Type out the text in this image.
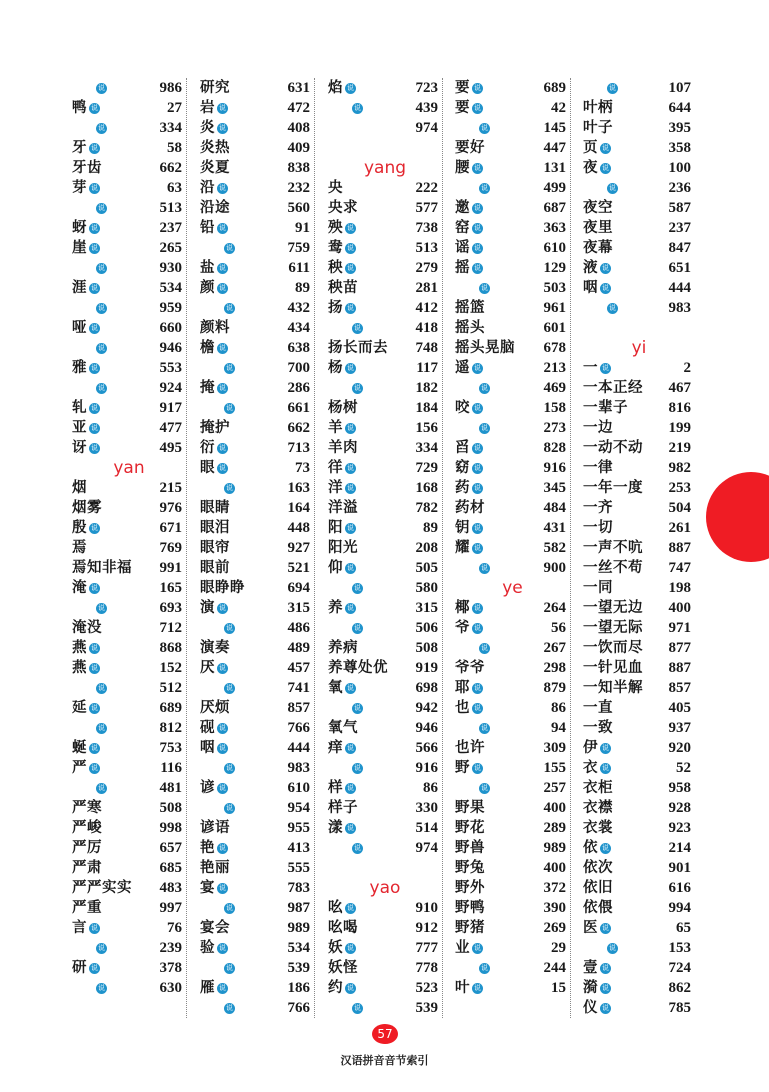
说	986
鸭 说	27
说	334
牙 说	58
牙齿	662
芽 说	63
说	513
蚜 说	237
崖 说	265
说	930
涯 说	534
说	959
哑 说	660
说	946
雅 说	553
说	924
轧 说	917
亚 说	477
讶 说	495
yan
烟	215
烟雾	976
殷 说	671
焉	769
焉知非福 991
淹 说	165
说	693
淹没	712
燕 说	868
燕 说	152
说	512
延 说	689
说	812
蜒 说	753
严 说	116
说	481
严寒	508
严峻	998
严厉	657
严肃	685
严严实实 483
严重	997
言 说	76
说	239
研 说	378
说	630
研究	631
岩 说	472
炎 说	408
炎热	409
炎夏	838
沿 说	232
沿途	560
铅 说	91
说	759
盐 说	611
颜 说	89
说	432
颜料	434
檐 说	638
说	700
掩 说	286
说	661
掩护	662
衍 说	713
眼 说	73
说	163
眼睛	164
眼泪	448
眼帘	927
眼前	521
眼睁睁	694
演 说	315
说	486
演奏	489
厌 说	457
说	741
厌烦	857
砚 说	766
咽 说	444
说	983
谚 说	610
说	954
谚语	955
艳 说	413
艳丽	555
宴 说	783
说	987
宴会	989
验 说	534
说	539
雁 说	186
说	766
焰 说	723
说	439
974
yang
央	222
央求	577
殃 说	738
鸯 说	513
秧 说	279
秧苗	281
扬 说	412
说	418
扬长而去 748
杨 说	117
说	182
杨树	184
羊 说	156
羊肉	334
徉 说	729
洋 说	168
洋溢	782
阳 说	89
阳光	208
仰 说	505
说	580
养 说	315
说	506
养病	508
养尊处优 919
氧 说	698
说	942
氧气	946
痒 说	566
说	916
样 说	86
样子	330
漾 说	514
说	974
yao
吆 说	910
吆喝	912
妖 说	777
妖怪	778
约 说	523
说	539
要 说	689
要 说	42
说	145
要好	447
腰 说	131
说	499
邀 说	687
窑 说	363
谣 说	610
摇 说	129
说	503
摇篮	961
摇头	601
摇头晃脑 678
遥 说	213
说	469
咬 说	158
说	273
舀 说	828
窈 说	916
药 说	345
药材	484
钥 说	431
耀 说	582
说	900
ye
椰 说	264
爷 说	56
说	267
爷爷	298
耶 说	879
也 说	86
说	94
也许	309
野 说	155
说	257
野果	400
野花	289
野兽	989
野兔	400
野外	372
野鸭	390
野猪	269
业 说	29
说	244
叶 说	15
说	107
叶柄	644
叶子	395
页 说	358
夜 说	100
说	236
夜空	587
夜里	237
夜幕	847
液 说	651
咽 说	444
说	983
yi
一 说	2
一本正经 467
一辈子	816
一边	199
一动不动 219
一律	982
一年一度 253
一齐	504
一切	261
一声不吭 887
一丝不苟 747
一同	198
一望无边 400
一望无际 971
一饮而尽 877
一针见血 887
一知半解 857
一直	405
一致	937
伊 说	920
衣 说	52
衣柜	958
衣襟	928
衣裳	923
依 说	214
依次	901
依旧	616
依偎	994
医 说	65
说	153
壹 说	724
漪 说	862
仪 说	785
57
汉语拼音音节索引
